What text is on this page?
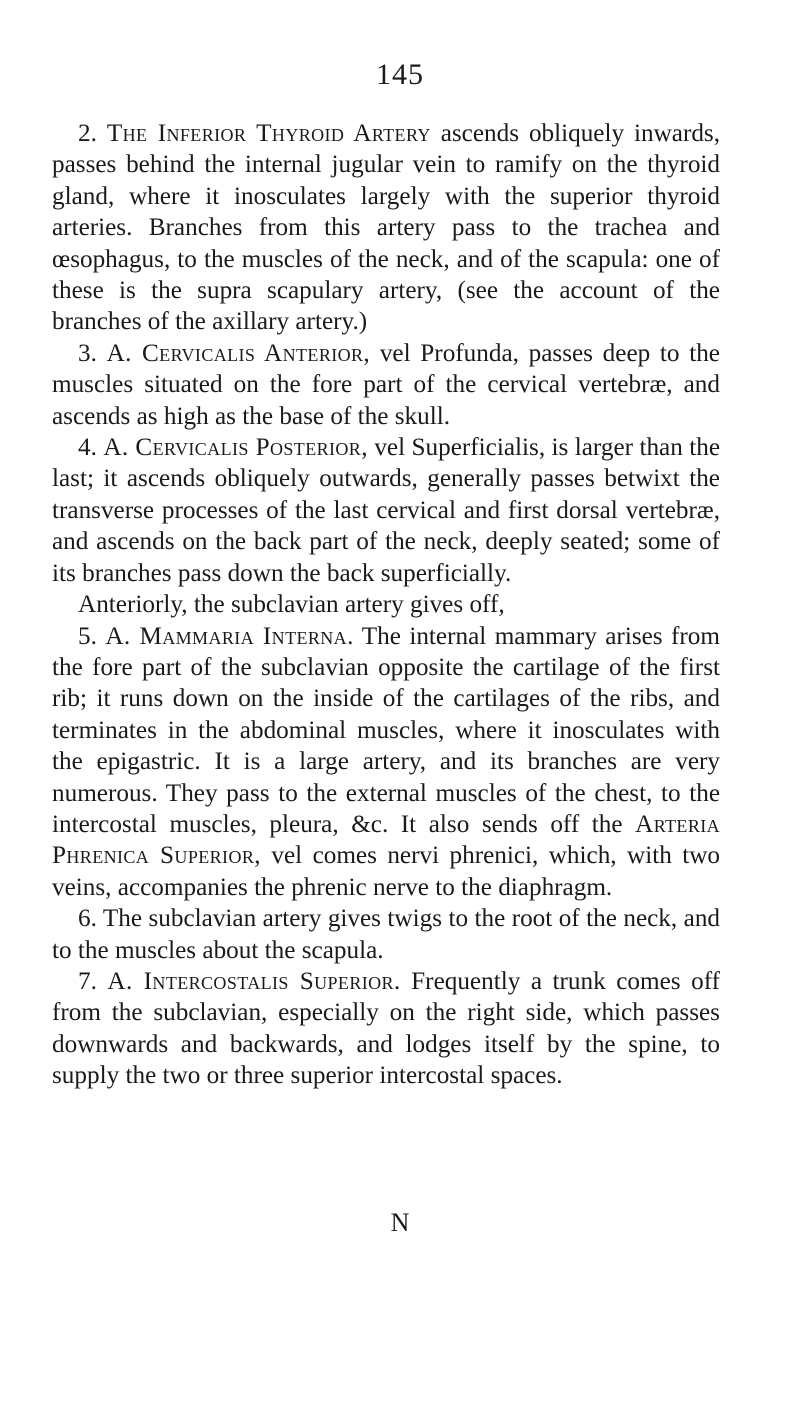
145

2. The Inferior Thyroid Artery ascends obliquely inwards, passes behind the internal jugular vein to ramify on the thyroid gland, where it inosculates largely with the superior thyroid arteries. Branches from this artery pass to the trachea and œsophagus, to the muscles of the neck, and of the scapula: one of these is the supra scapulary artery, (see the account of the branches of the axillary artery.)

3. A. Cervicalis Anterior, vel Profunda, passes deep to the muscles situated on the fore part of the cervical vertebræ, and ascends as high as the base of the skull.

4. A. Cervicalis Posterior, vel Superficialis, is larger than the last; it ascends obliquely outwards, generally passes betwixt the transverse processes of the last cervical and first dorsal vertebræ, and ascends on the back part of the neck, deeply seated; some of its branches pass down the back superficially.

Anteriorly, the subclavian artery gives off,

5. A. Mammaria Interna. The internal mammary arises from the fore part of the subclavian opposite the cartilage of the first rib; it runs down on the inside of the cartilages of the ribs, and terminates in the abdominal muscles, where it inosculates with the epigastric. It is a large artery, and its branches are very numerous. They pass to the external muscles of the chest, to the intercostal muscles, pleura, &c. It also sends off the Arteria Phrenica Superior, vel comes nervi phrenici, which, with two veins, accompanies the phrenic nerve to the diaphragm.

6. The subclavian artery gives twigs to the root of the neck, and to the muscles about the scapula.

7. A. Intercostalis Superior. Frequently a trunk comes off from the subclavian, especially on the right side, which passes downwards and backwards, and lodges itself by the spine, to supply the two or three superior intercostal spaces.

N
